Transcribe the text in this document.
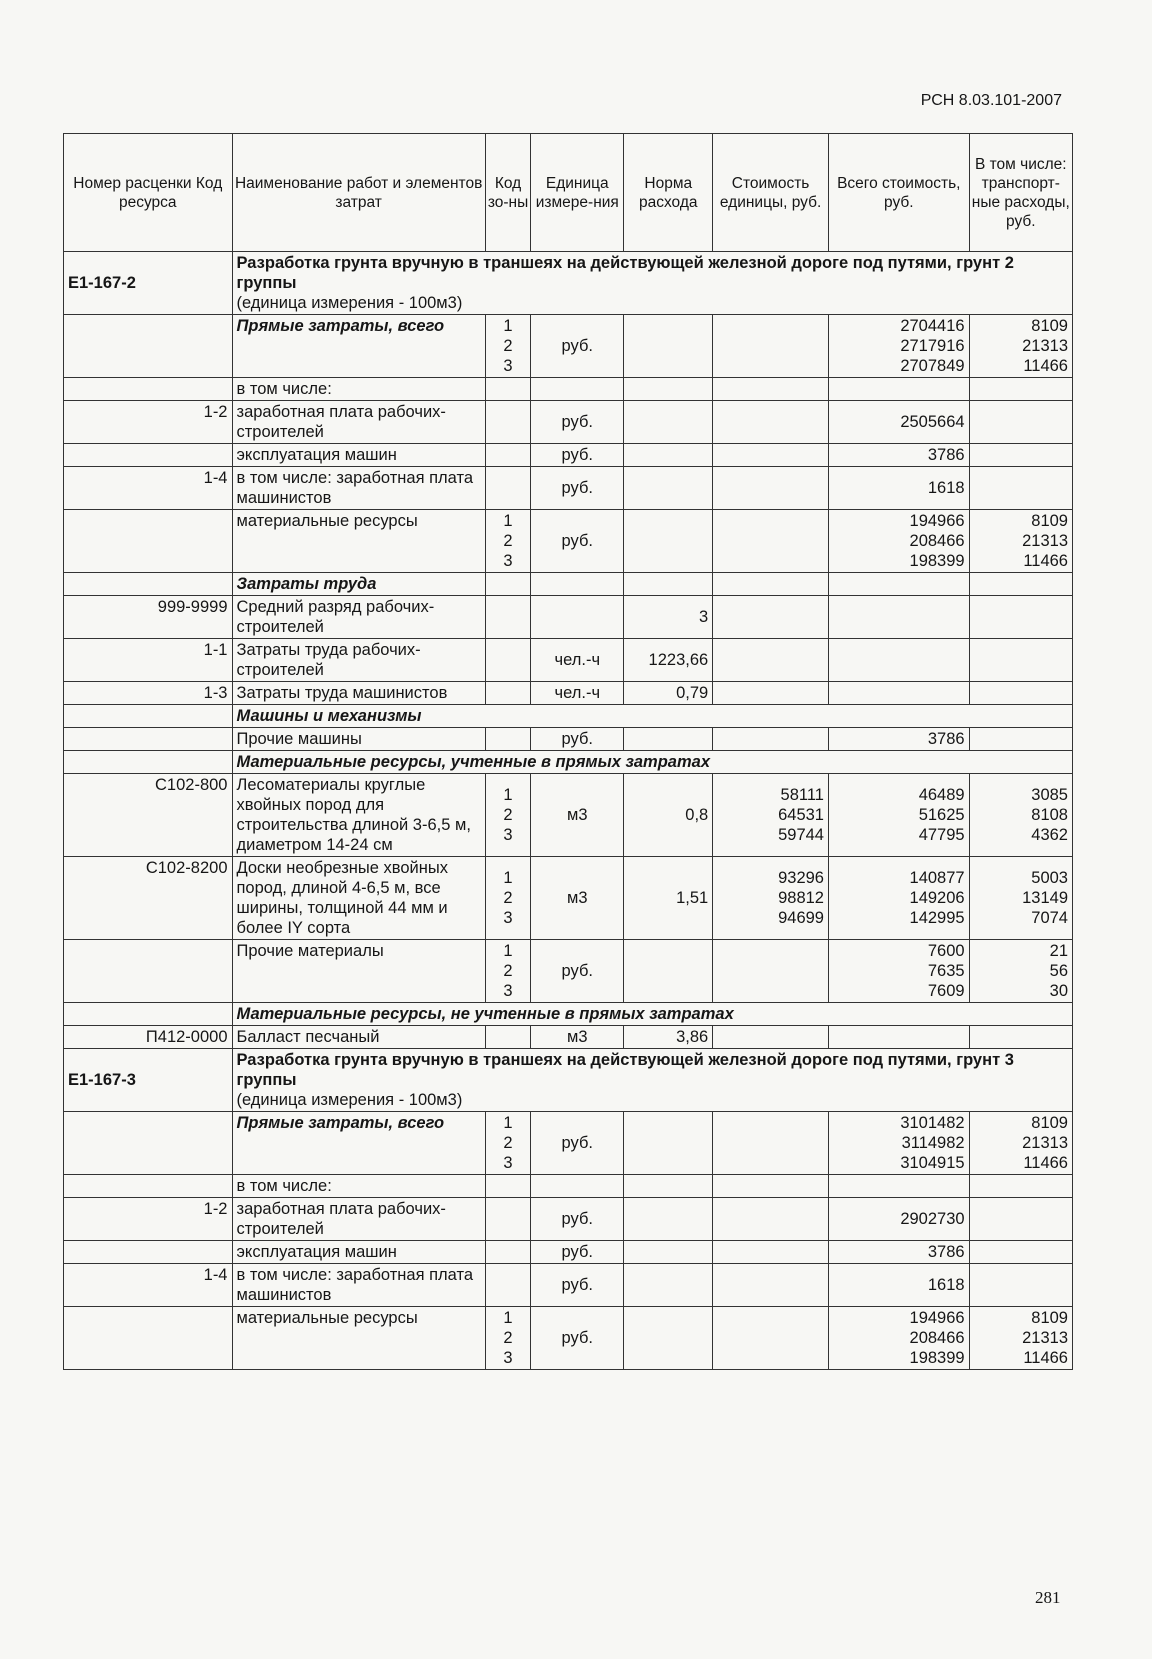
РСН 8.03.101-2007
Номер расценки Код ресурса	Наименование работ и элементов затрат	Код зо-ны	Единица измере-ния	Норма расхода	Стоимость единицы, руб.	Всего стоимость, руб.	В том числе: транспорт-ные расходы, руб.
Е1-167-2	Разработка грунта вручную в траншеях на действующей железной дороге под путями, грунт 2 группы
(единица измерения - 100м3)						

	Прямые затраты, всего	1
2
3	руб.			2704416
2717916
2707849	8109
21313
11466

	в том числе:						
1-2	заработная плата рабочих-строителей		руб.			2505664	
	эксплуатация машин		руб.			3786	
1-4	в том числе: заработная плата машинистов		руб.			1618	
	материальные ресурсы	1
2
3	руб.			194966
208466
198399	8109
21313
11466

	Затраты труда						
999-9999	Средний разряд рабочих-строителей			3			
1-1	Затраты труда рабочих-строителей		чел.-ч	1223,66			
1-3	Затраты труда машинистов		чел.-ч	0,79			
	Машины и механизмы						
	Прочие машины		руб.			3786	
	Материальные ресурсы, учтенные в прямых затратах						
С102-800	Лесоматериалы круглые хвойных пород для строительства длиной 3-6,5 м, диаметром 14-24 см	1
2
3	м3	0,8	58111
64531
59744	46489
51625
47795	3085
8108
4362

С102-8200	Доски необрезные хвойных пород, длиной 4-6,5 м, все ширины, толщиной 44 мм и более IY сорта	1
2
3	м3	1,51	93296
98812
94699	140877
149206
142995	5003
13149
7074

	Прочие материалы	1
2
3	руб.			7600
7635
7609	21
56
30

	Материальные ресурсы, не учтенные в прямых затратах						
П412-0000	Балласт песчаный		м3	3,86			
Е1-167-3	Разработка грунта вручную в траншеях на действующей железной дороге под путями, грунт 3 группы
(единица измерения - 100м3)						

	Прямые затраты, всего	1
2
3	руб.			3101482
3114982
3104915	8109
21313
11466

	в том числе:						
1-2	заработная плата рабочих-строителей		руб.			2902730	
	эксплуатация машин		руб.			3786	
1-4	в том числе: заработная плата машинистов		руб.			1618	
	материальные ресурсы	1
2
3	руб.			194966
208466
198399	8109
21313
11466
281
